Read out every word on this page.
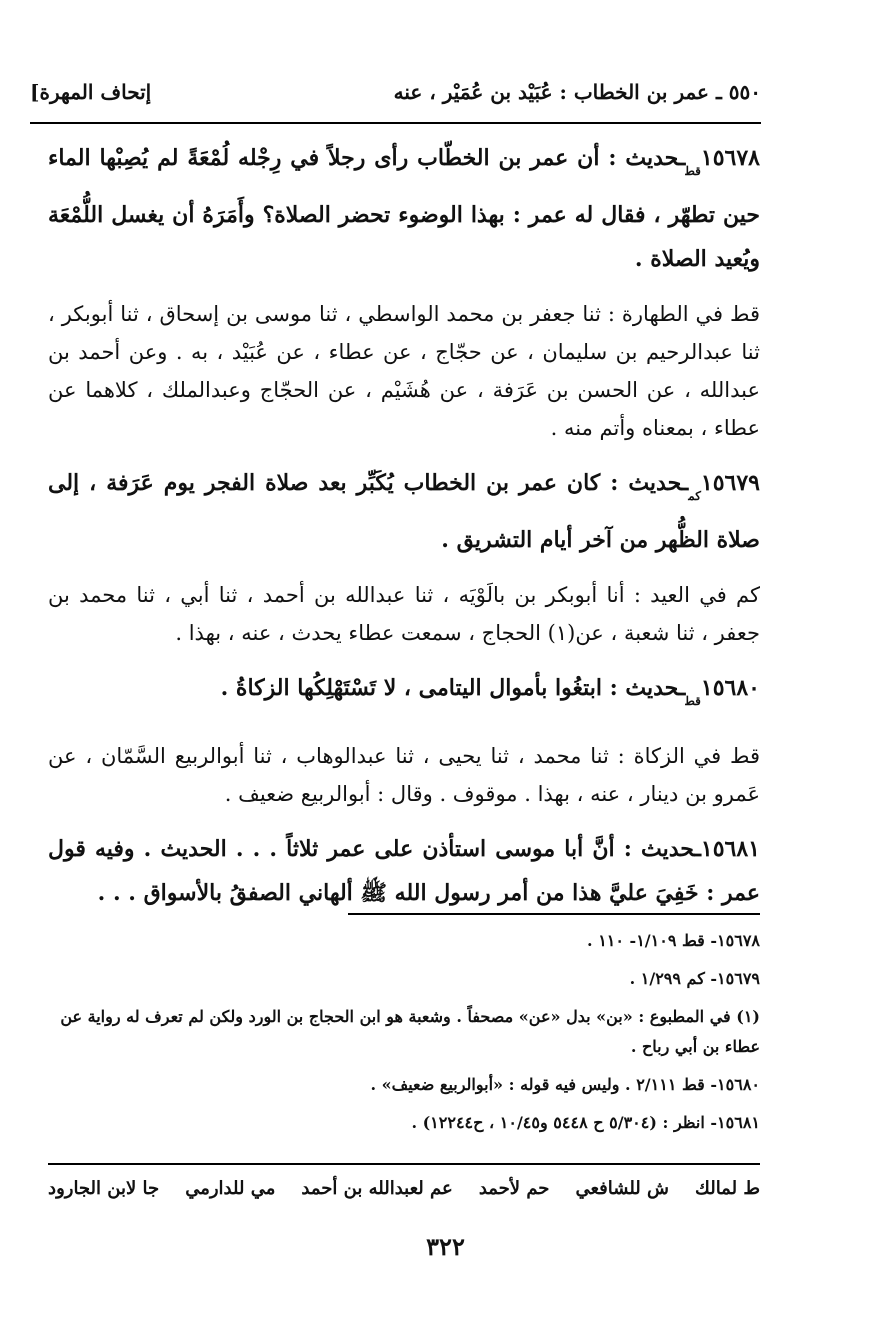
[إتحاف المهرة	٥٥٠ ـ عمر بن الخطاب : عُبَيْد بن عُمَيْر ، عنه
$١٥٦٧٨_{قط}ـحديث$ : أن عمر بن الخطّاب رأى رجلاً في رِجْله لُمْعَةً لم يُصِبْها الماء حين تطهّر ، فقال له عمر : بهذا الوضوء تحضر الصلاة؟ وأَمَرَهُ أن يغسل اللُّمْعَة ويُعيد الصلاة .
قط في الطهارة : ثنا جعفر بن محمد الواسطي ، ثنا موسى بن إسحاق ، ثنا أبوبكر ، ثنا عبدالرحيم بن سليمان ، عن حجّاج ، عن عطاء ، عن عُبَيْد ، به . وعن أحمد بن عبدالله ، عن الحسن بن عَرَفة ، عن هُشَيْم ، عن الحجّاج وعبدالملك ، كلاهما عن عطاء ، بمعناه وأتم منه .
$١٥٦٧٩_{كم}ـحديث$ : كان عمر بن الخطاب يُكَبِّر بعد صلاة الفجر يوم عَرَفة ، إلى صلاة الظُّهر من آخر أيام التشريق .
كم في العيد : أنا أبوبكر بن بالَوْيَه ، ثنا عبدالله بن أحمد ، ثنا أبي ، ثنا محمد بن جعفر ، ثنا شعبة ، عن(١) الحجاج ، سمعت عطاء يحدث ، عنه ، بهذا .
$١٥٦٨٠_{قط}ـحديث$ : ابتغُوا بأموال اليتامى ، لا تَسْتَهْلِكُها الزكاةُ .
قط في الزكاة : ثنا محمد ، ثنا يحيى ، ثنا عبدالوهاب ، ثنا أبوالربيع السَّمّان ، عن عَمرو بن دينار ، عنه ، بهذا . موقوف . وقال : أبوالربيع ضعيف .
١٥٦٨١ـحديث : أنَّ أبا موسى استأذن على عمر ثلاثاً . . . الحديث . وفيه قول عمر : خَفِيَ عليَّ هذا من أمر رسول الله ﷺ ألهاني الصفقُ بالأسواق . . .
١٥٦٧٨- قط ١/١٠٩- ١١٠ .
١٥٦٧٩- كم ١/٢٩٩ .
(١) في المطبوع : «بن» بدل «عن» مصحفاً . وشعبة هو ابن الحجاج بن الورد ولكن لم تعرف له رواية عن عطاء بن أبي رباح .
١٥٦٨٠- قط ٢/١١١ . وليس فيه قوله : «أبوالربيع ضعيف» .
١٥٦٨١- انظر : (٥/٣٠٤ ح ٥٤٤٨ و١٠/٤٥ ، ح١٢٢٤٤) .
ط لمالك
ش للشافعي
حم لأحمد
عم لعبدالله بن أحمد
مي للدارمي
جا لابن الجارود
٣٢٢
